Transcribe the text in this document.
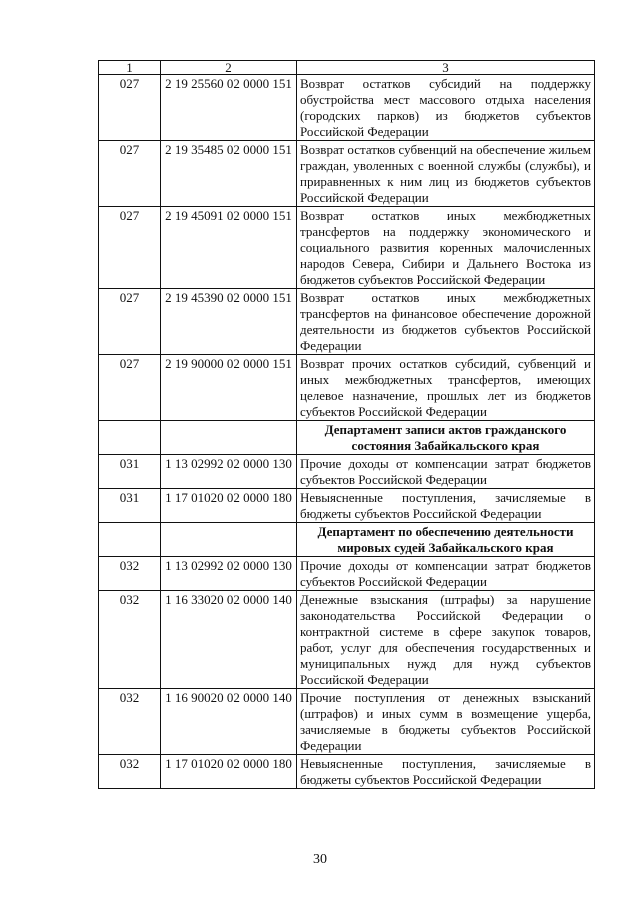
1	2	3
027	2 19 25560 02 0000 151	Возврат остатков субсидий на поддержку обустройства мест массового отдыха населения (городских парков) из бюджетов субъектов Российской Федерации
027	2 19 35485 02 0000 151	Возврат остатков субвенций на обеспечение жильем граждан, уволенных с военной службы (службы), и приравненных к ним лиц из бюджетов субъектов Российской Федерации
027	2 19 45091 02 0000 151	Возврат остатков иных межбюджетных трансфертов на поддержку экономического и социального развития коренных малочисленных народов Севера, Сибири и Дальнего Востока из бюджетов субъектов Российской Федерации
027	2 19 45390 02 0000 151	Возврат остатков иных межбюджетных трансфертов на финансовое обеспечение дорожной деятельности из бюджетов субъектов Российской Федерации
027	2 19 90000 02 0000 151	Возврат прочих остатков субсидий, субвенций и иных межбюджетных трансфертов, имеющих целевое назначение, прошлых лет из бюджетов субъектов Российской Федерации
		Департамент записи актов гражданского состояния Забайкальского края
031	1 13 02992 02 0000 130	Прочие доходы от компенсации затрат бюджетов субъектов Российской Федерации
031	1 17 01020 02 0000 180	Невыясненные поступления, зачисляемые в бюджеты субъектов Российской Федерации
		Департамент по обеспечению деятельности мировых судей Забайкальского края
032	1 13 02992 02 0000 130	Прочие доходы от компенсации затрат бюджетов субъектов Российской Федерации
032	1 16 33020 02 0000 140	Денежные взыскания (штрафы) за нарушение законодательства Российской Федерации о контрактной системе в сфере закупок товаров, работ, услуг для обеспечения государственных и муниципальных нужд для нужд субъектов Российской Федерации
032	1 16 90020 02 0000 140	Прочие поступления от денежных взысканий (штрафов) и иных сумм в возмещение ущерба, зачисляемые в бюджеты субъектов Российской Федерации
032	1 17 01020 02 0000 180	Невыясненные поступления, зачисляемые в бюджеты субъектов Российской Федерации
30
